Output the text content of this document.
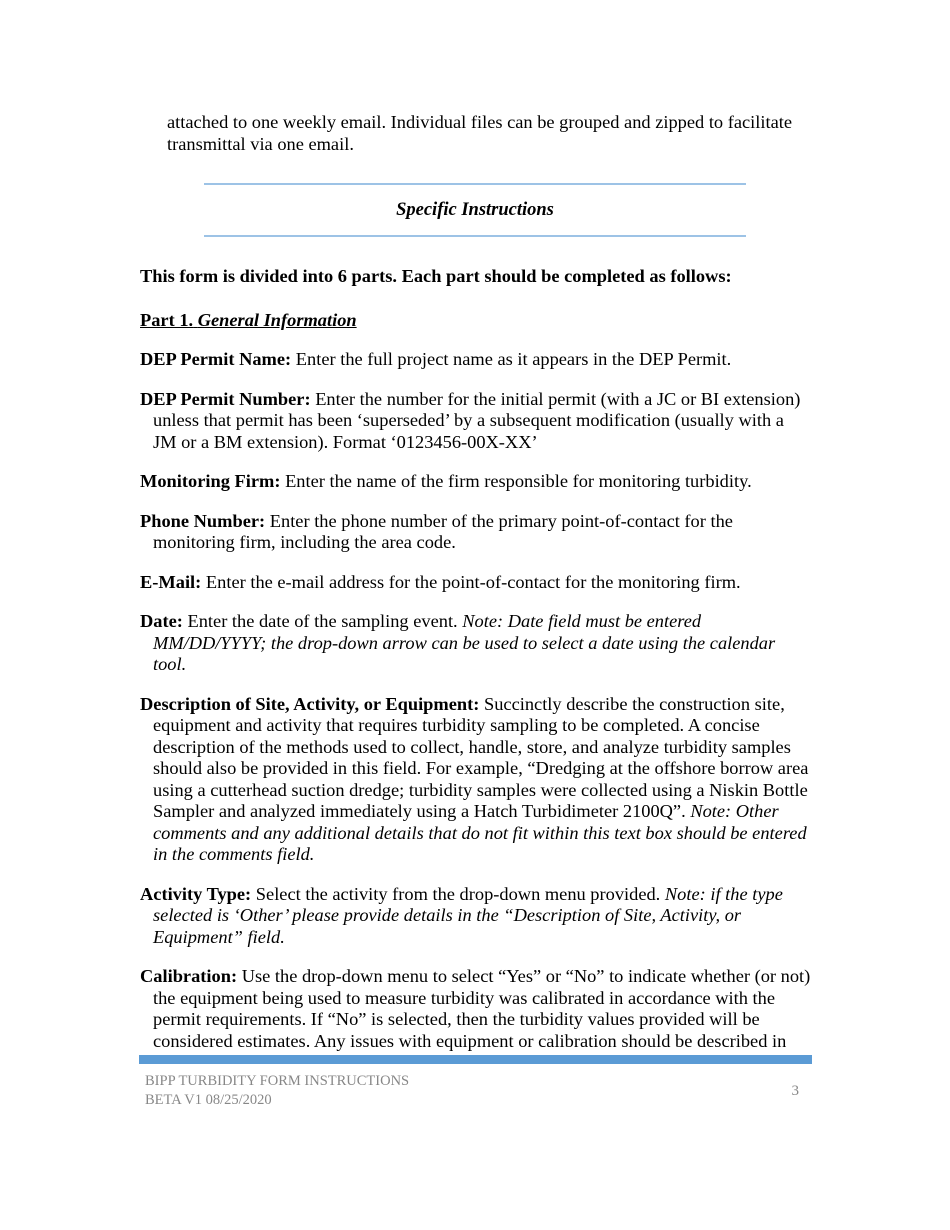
attached to one weekly email. Individual files can be grouped and zipped to facilitate transmittal via one email.

Specific Instructions

This form is divided into 6 parts. Each part should be completed as follows:

Part 1. General Information

DEP Permit Name: Enter the full project name as it appears in the DEP Permit.

DEP Permit Number: Enter the number for the initial permit (with a JC or BI extension) unless that permit has been ‘superseded’ by a subsequent modification (usually with a JM or a BM extension). Format ‘0123456-00X-XX’

Monitoring Firm: Enter the name of the firm responsible for monitoring turbidity.

Phone Number: Enter the phone number of the primary point-of-contact for the monitoring firm, including the area code.

E-Mail: Enter the e-mail address for the point-of-contact for the monitoring firm.

Date: Enter the date of the sampling event. Note: Date field must be entered MM/DD/YYYY; the drop-down arrow can be used to select a date using the calendar tool.

Description of Site, Activity, or Equipment: Succinctly describe the construction site, equipment and activity that requires turbidity sampling to be completed. A concise description of the methods used to collect, handle, store, and analyze turbidity samples should also be provided in this field. For example, “Dredging at the offshore borrow area using a cutterhead suction dredge; turbidity samples were collected using a Niskin Bottle Sampler and analyzed immediately using a Hatch Turbidimeter 2100Q”. Note: Other comments and any additional details that do not fit within this text box should be entered in the comments field.

Activity Type: Select the activity from the drop-down menu provided. Note: if the type selected is ‘Other’ please provide details in the “Description of Site, Activity, or Equipment” field.

Calibration: Use the drop-down menu to select “Yes” or “No” to indicate whether (or not) the equipment being used to measure turbidity was calibrated in accordance with the permit requirements. If “No” is selected, then the turbidity values provided will be considered estimates. Any issues with equipment or calibration should be described in

BIPP TURBIDITY FORM INSTRUCTIONS
BETA V1 08/25/2020
3
